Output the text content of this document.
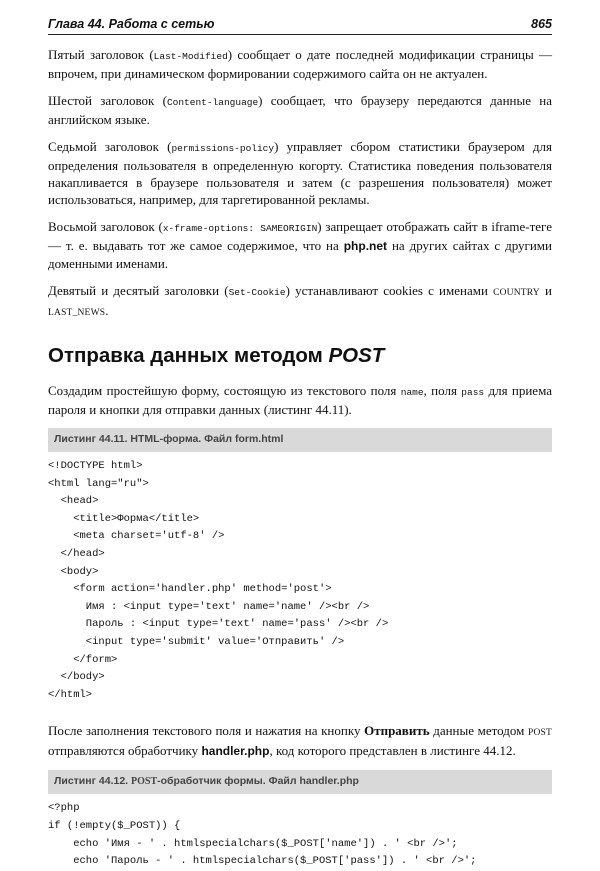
Глава 44. Работа с сетью	865

Пятый заголовок (Last-Modified) сообщает о дате последней модификации страницы — впрочем, при динамическом формировании содержимого сайта он не актуален.

Шестой заголовок (Content-language) сообщает, что браузеру передаются данные на английском языке.

Седьмой заголовок (permissions-policy) управляет сбором статистики браузером для определения пользователя в определенную когорту. Статистика поведения пользователя накапливается в браузере пользователя и затем (с разрешения пользователя) может использоваться, например, для таргетированной рекламы.

Восьмой заголовок (x-frame-options: SAMEORIGIN) запрещает отображать сайт в iframe-теге — т. е. выдавать тот же самое содержимое, что на php.net на других сайтах с другими доменными именами.

Девятый и десятый заголовки (Set-Cookie) устанавливают cookies с именами COUNTRY и LAST_NEWS.

Отправка данных методом POST

Создадим простейшую форму, состоящую из текстового поля name, поля pass для приема пароля и кнопки для отправки данных (листинг 44.11).

Листинг 44.11. HTML-форма. Файл form.html
<!DOCTYPE html>
<html lang="ru">
<head>
<title>Форма</title>
<meta charset='utf-8' />
</head>
<body>
<form action='handler.php' method='post'>
Имя : <input type='text' name='name' /><br />
Пароль : <input type='text' name='pass' /><br />
<input type='submit' value='Отправить' />
</form>
</body>
</html>

После заполнения текстового поля и нажатия на кнопку Отправить данные методом POST отправляются обработчику handler.php, код которого представлен в листинге 44.12.

Листинг 44.12. POST-обработчик формы. Файл handler.php
<?php
if (!empty($_POST)) {
echo 'Имя - ' . htmlspecialchars($_POST['name']) . ' <br />';
echo 'Пароль - ' . htmlspecialchars($_POST['pass']) . ' <br />';
